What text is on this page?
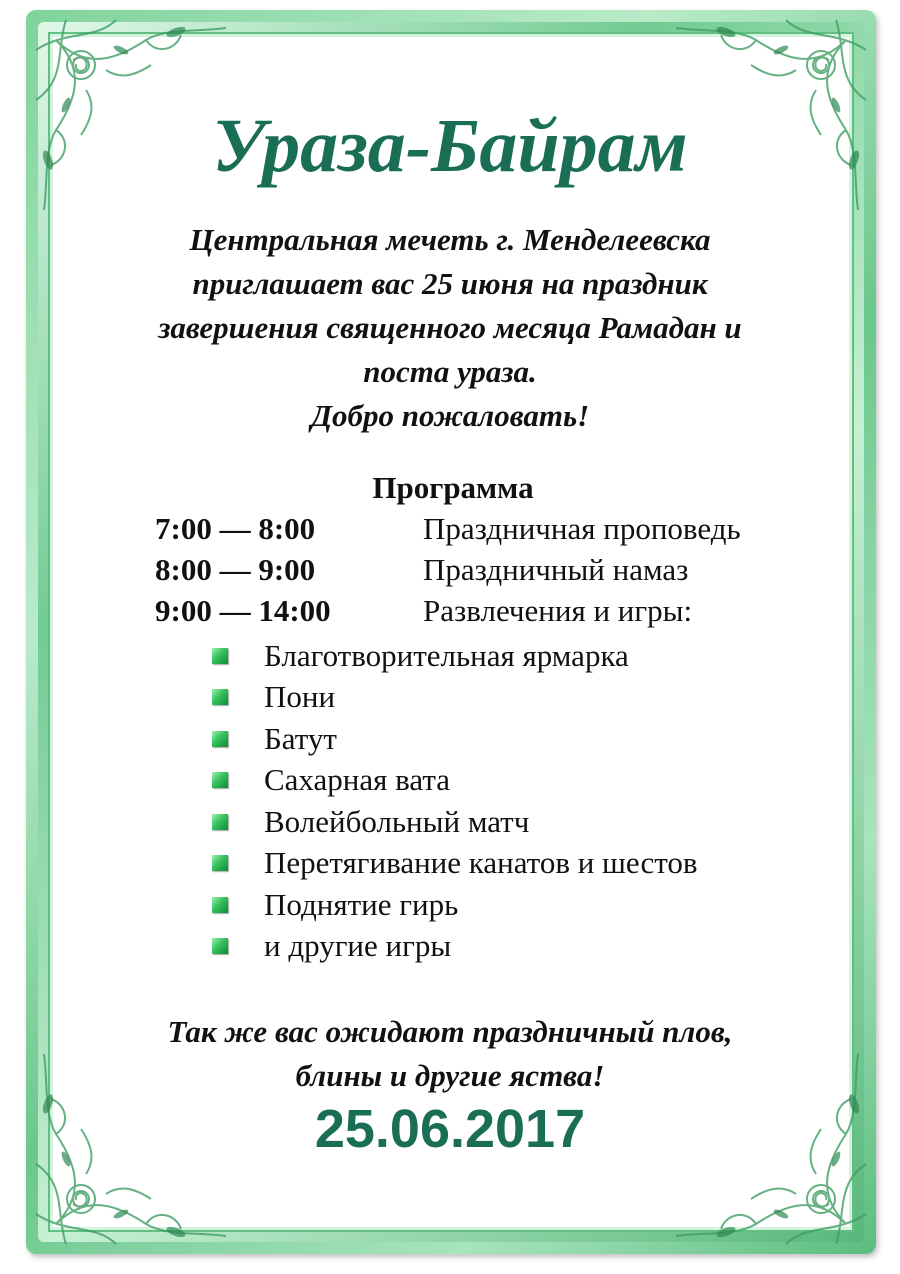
Ураза-Байрам

Центральная мечеть г. Менделеевска
приглашает вас 25 июня на праздник
завершения священного месяца Рамадан и
поста ураза.
Добро пожаловать!

Программа
7:00 — 8:00	Праздничная проповедь
8:00 — 9:00	Праздничный намаз
9:00 — 14:00	Развлечения и игры:
Благотворительная ярмарка
Пони
Батут
Сахарная вата
Волейбольный матч
Перетягивание канатов и шестов
Поднятие гирь
и другие игры
Так же вас ожидают праздничный плов,
блины и другие яства!
25.06.2017
